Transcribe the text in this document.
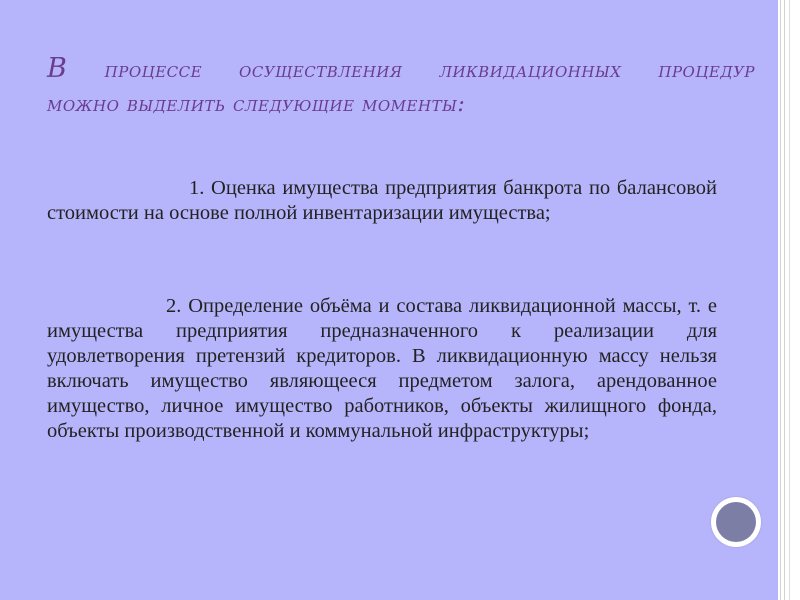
В процессе осуществления ликвидационных процедур
можно выделить следующие моменты:
1. Оценка имущества предприятия банкрота по балансовой стоимости на основе полной инвентаризации имущества;
2. Определение объёма и состава ликвидационной массы, т. е имущества предприятия предназначенного к реализации для удовлетворения претензий кредиторов. В ликвидационную массу нельзя включать имущество являющееся предметом залога, арендованное имущество, личное имущество работников, объекты жилищного фонда, объекты производственной и коммунальной инфраструктуры;
